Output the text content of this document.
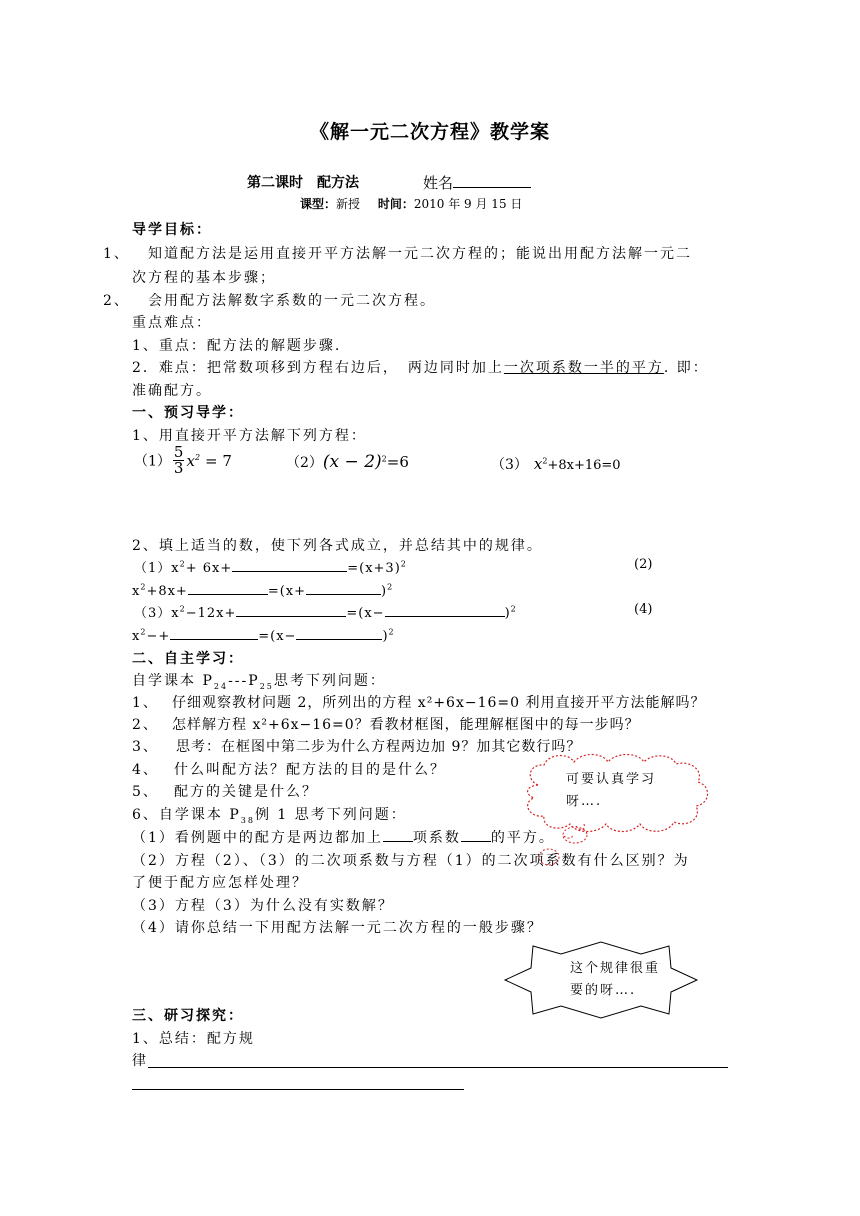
《解一元二次方程》教学案
第二课时　配方法	姓名
课型：新授 时间：2010 年 9 月 15 日
导学目标：
1、 知道配方法是运用直接开平方法解一元二次方程的；能说出用配方法解一元二
次方程的基本步骤；
2、 会用配方法解数字系数的一元二次方程。
重点难点：
1、重点：配方法的解题步骤.
2．难点：把常数项移到方程右边后，　两边同时加上一次项系数一半的平方. 即：
准确配方。
一、预习导学：
1、用直接开平方法解下列方程：
$(1) \frac{5}{3} x^2 = 7$	$(2)(x - 2)^2=6$	（3） $x^2+8x+16=0$
2、填上适当的数，使下列各式成立，并总结其中的规律。
$(1)x^2+ 6x+$	$=(x+3)^2$	(2)
$x^2+8x+$	=(x+	)$^2$
$(3)x^2-12x+$	=(x−	)$^2$	(4)
$x^2-+$	=(x−	)$^2$
二、自主学习：
自学课本 $P_{24}---P_{25}$思考下列问题：
1、 仔细观察教材问题 2，所列出的方程 x²+6x−16=0 利用直接开平方法能解吗？
2、 怎样解方程 x²+6x−16=0？看教材框图，能理解框图中的每一步吗？
3、 思考：在框图中第二步为什么方程两边加 9？加其它数行吗？
4、 什么叫配方法？配方法的目的是什么？
5、 配方的关键是什么？
6、自学课本 $P_{38}$例 1 思考下列问题：
（1）看例题中的配方是两边都加上 项系数 的平方。
（2）方程（2）、（3）的二次项系数与方程（1）的二次项系数有什么区别？为
了便于配方应怎样处理？
（3）方程（3）为什么没有实数解？
（4）请你总结一下用配方法解一元二次方程的一般步骤？
可要认真学习
呀….
这个规律很重
要的呀….
三、研习探究：
1、总结：配方规
律
